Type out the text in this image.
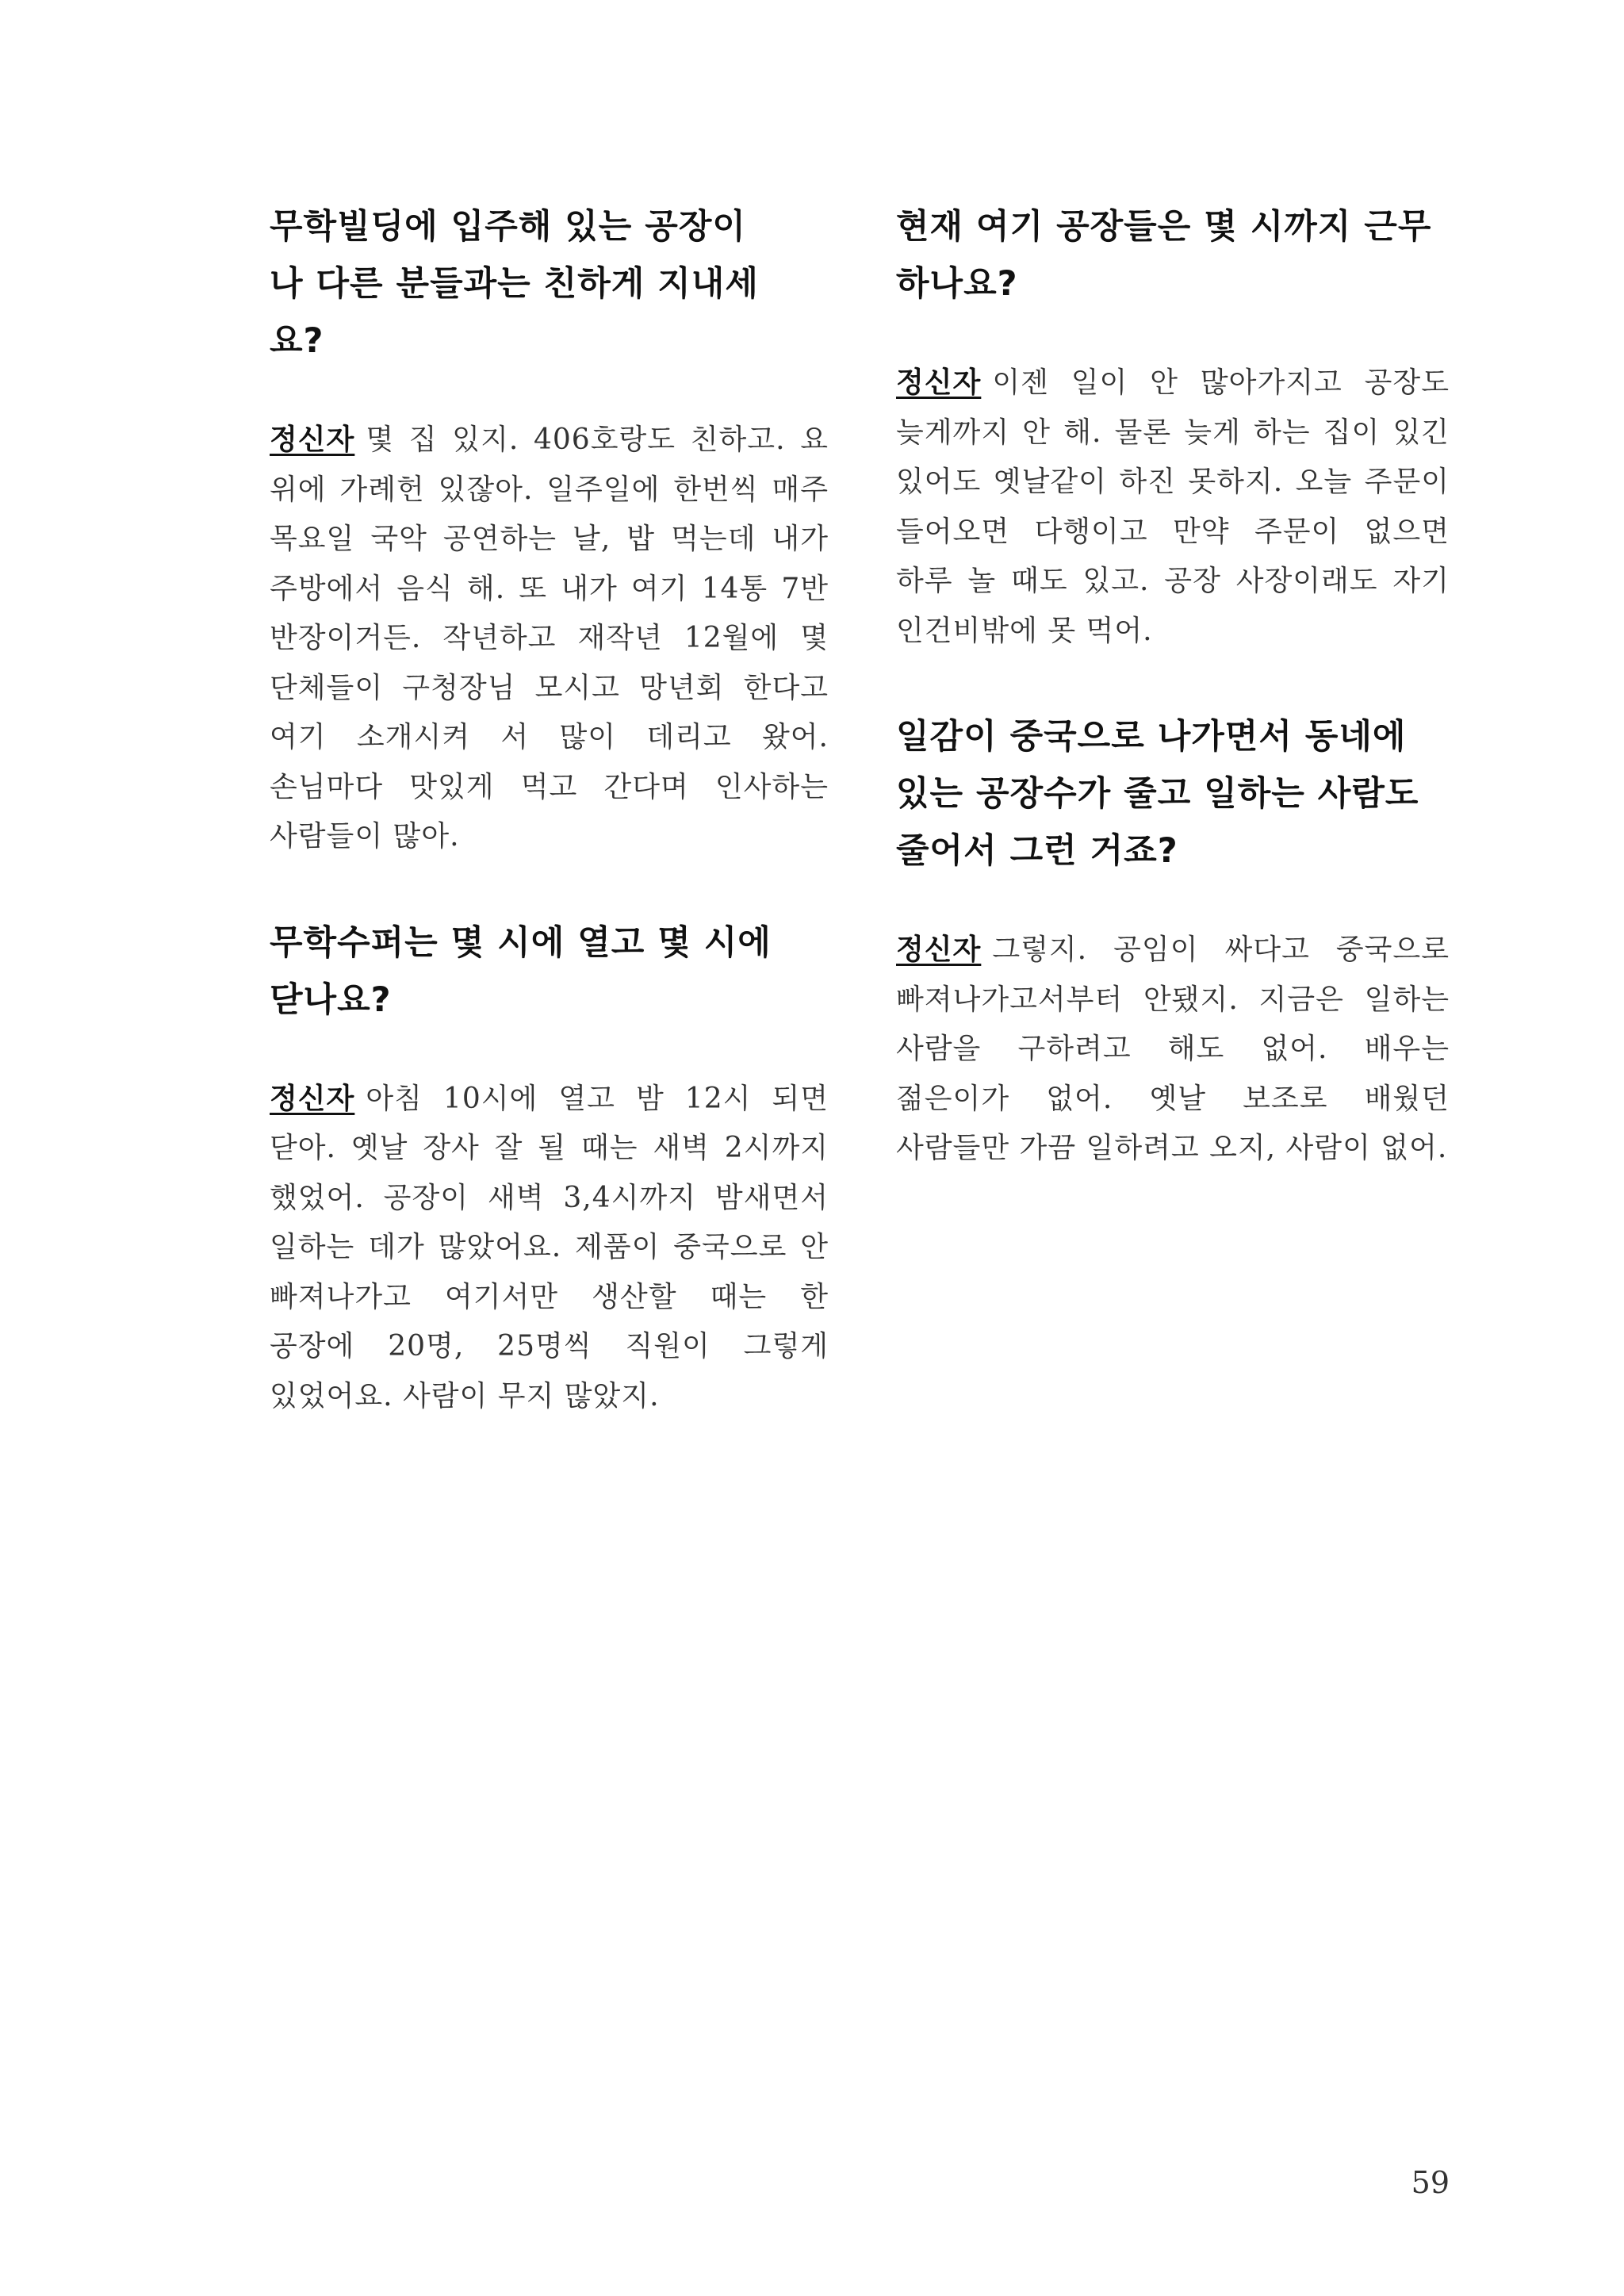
무학빌딩에 입주해 있는 공장이나 다른 분들과는 친하게 지내세요?

정신자 몇 집 있지. 406호랑도 친하고. 요 위에 가례헌 있잖아. 일주일에 한번씩 매주 목요일 국악 공연하는 날, 밥 먹는데 내가 주방에서 음식 해. 또 내가 여기 14통 7반 반장이거든. 작년하고 재작년 12월에 몇 단체들이 구청장님 모시고 망년회 한다고 여기 소개시켜 서 많이 데리고 왔어. 손님마다 맛있게 먹고 간다며 인사하는 사람들이 많아.

무학수퍼는 몇 시에 열고 몇 시에 닫나요?

정신자 아침 10시에 열고 밤 12시 되면 닫아. 옛날 장사 잘 될 때는 새벽 2시까지 했었어. 공장이 새벽 3,4시까지 밤새면서 일하는 데가 많았어요. 제품이 중국으로 안 빠져나가고 여기서만 생산할 때는 한 공장에 20명, 25명씩 직원이 그렇게 있었어요. 사람이 무지 많았지.

현재 여기 공장들은 몇 시까지 근무하나요?

정신자 이젠 일이 안 많아가지고 공장도 늦게까지 안 해. 물론 늦게 하는 집이 있긴 있어도 옛날같이 하진 못하지. 오늘 주문이 들어오면 다행이고 만약 주문이 없으면 하루 놀 때도 있고. 공장 사장이래도 자기 인건비밖에 못 먹어.

일감이 중국으로 나가면서 동네에 있는 공장수가 줄고 일하는 사람도 줄어서 그런 거죠?

정신자 그렇지. 공임이 싸다고 중국으로 빠져나가고서부터 안됐지. 지금은 일하는 사람을 구하려고 해도 없어. 배우는 젊은이가 없어. 옛날 보조로 배웠던 사람들만 가끔 일하려고 오지, 사람이 없어.

59
